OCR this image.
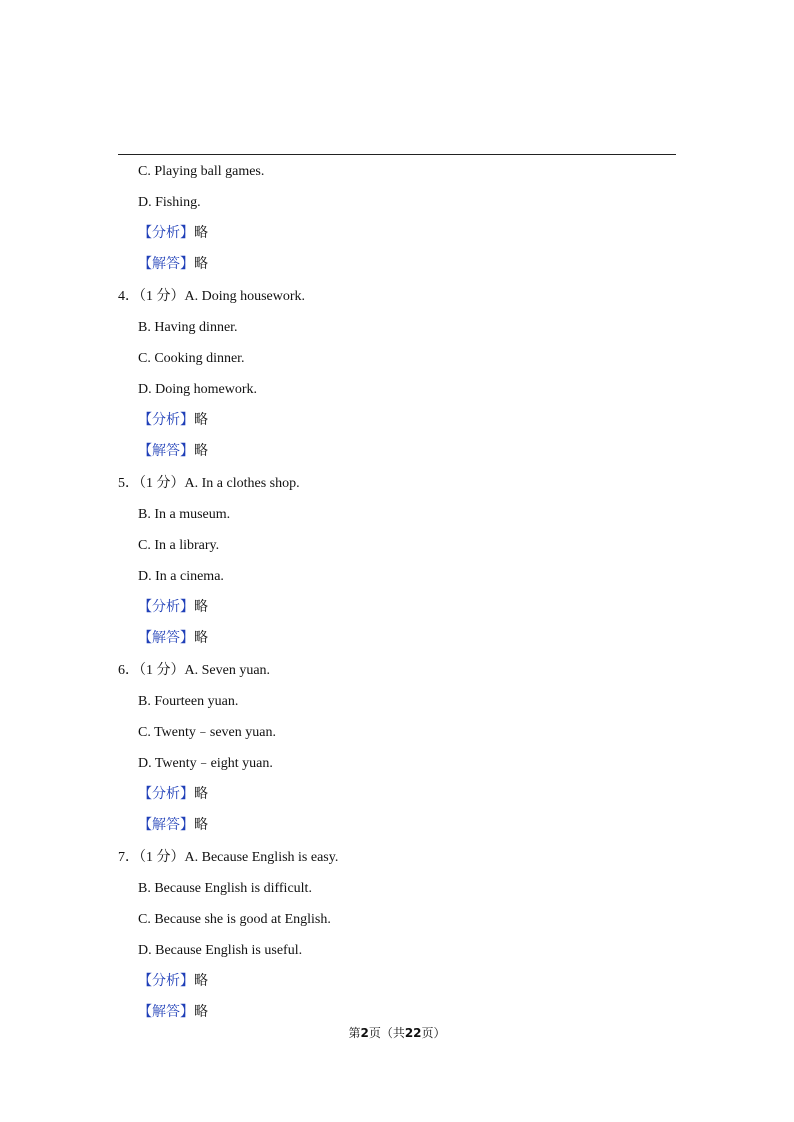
C. Playing ball games.
D. Fishing.
【分析】略
【解答】略
4．（1 分）A. Doing housework.
B. Having dinner.
C. Cooking dinner.
D. Doing homework.
【分析】略
【解答】略
5．（1 分）A. In a clothes shop.
B. In a museum.
C. In a library.
D. In a cinema.
【分析】略
【解答】略
6．（1 分）A. Seven yuan.
B. Fourteen yuan.
C. Twenty﹣seven yuan.
D. Twenty﹣eight yuan.
【分析】略
【解答】略
7．（1 分）A. Because English is easy.
B. Because English is difficult.
C. Because she is good at English.
D. Because English is useful.
【分析】略
【解答】略
第2页（共22页）
